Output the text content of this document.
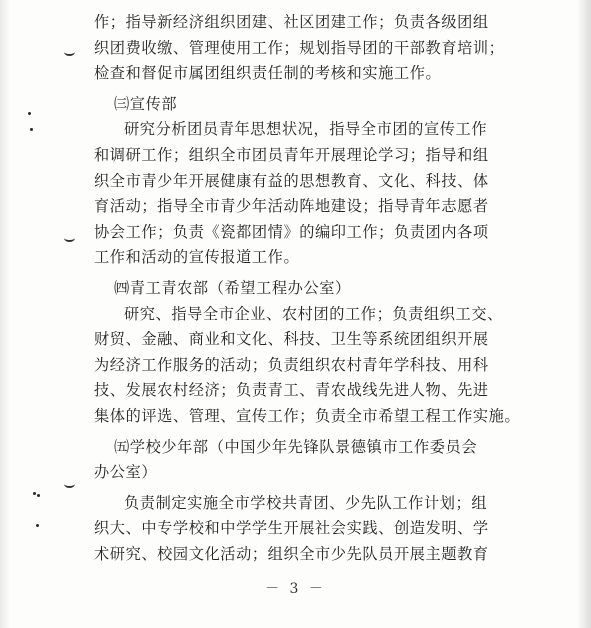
作；指导新经济组织团建、社区团建工作；负责各级团组
织团费收缴、管理使用工作；规划指导团的干部教育培训；
检查和督促市属团组织责任制的考核和实施工作。
㈢宣传部
研究分析团员青年思想状况，指导全市团的宣传工作
和调研工作；组织全市团员青年开展理论学习；指导和组
织全市青少年开展健康有益的思想教育、文化、科技、体
育活动；指导全市青少年活动阵地建设；指导青年志愿者
协会工作；负责《瓷都团情》的编印工作；负责团内各项
工作和活动的宣传报道工作。
㈣青工青农部（希望工程办公室）
研究、指导全市企业、农村团的工作；负责组织工交、
财贸、金融、商业和文化、科技、卫生等系统团组织开展
为经济工作服务的活动；负责组织农村青年学科技、用科
技、发展农村经济；负责青工、青农战线先进人物、先进
集体的评选、管理、宣传工作；负责全市希望工程工作实施。
㈤学校少年部（中国少年先锋队景德镇市工作委员会
办公室）
负责制定实施全市学校共青团、少先队工作计划；组
织大、中专学校和中学学生开展社会实践、创造发明、学
术研究、校园文化活动；组织全市少先队员开展主题教育
－ 3 －
